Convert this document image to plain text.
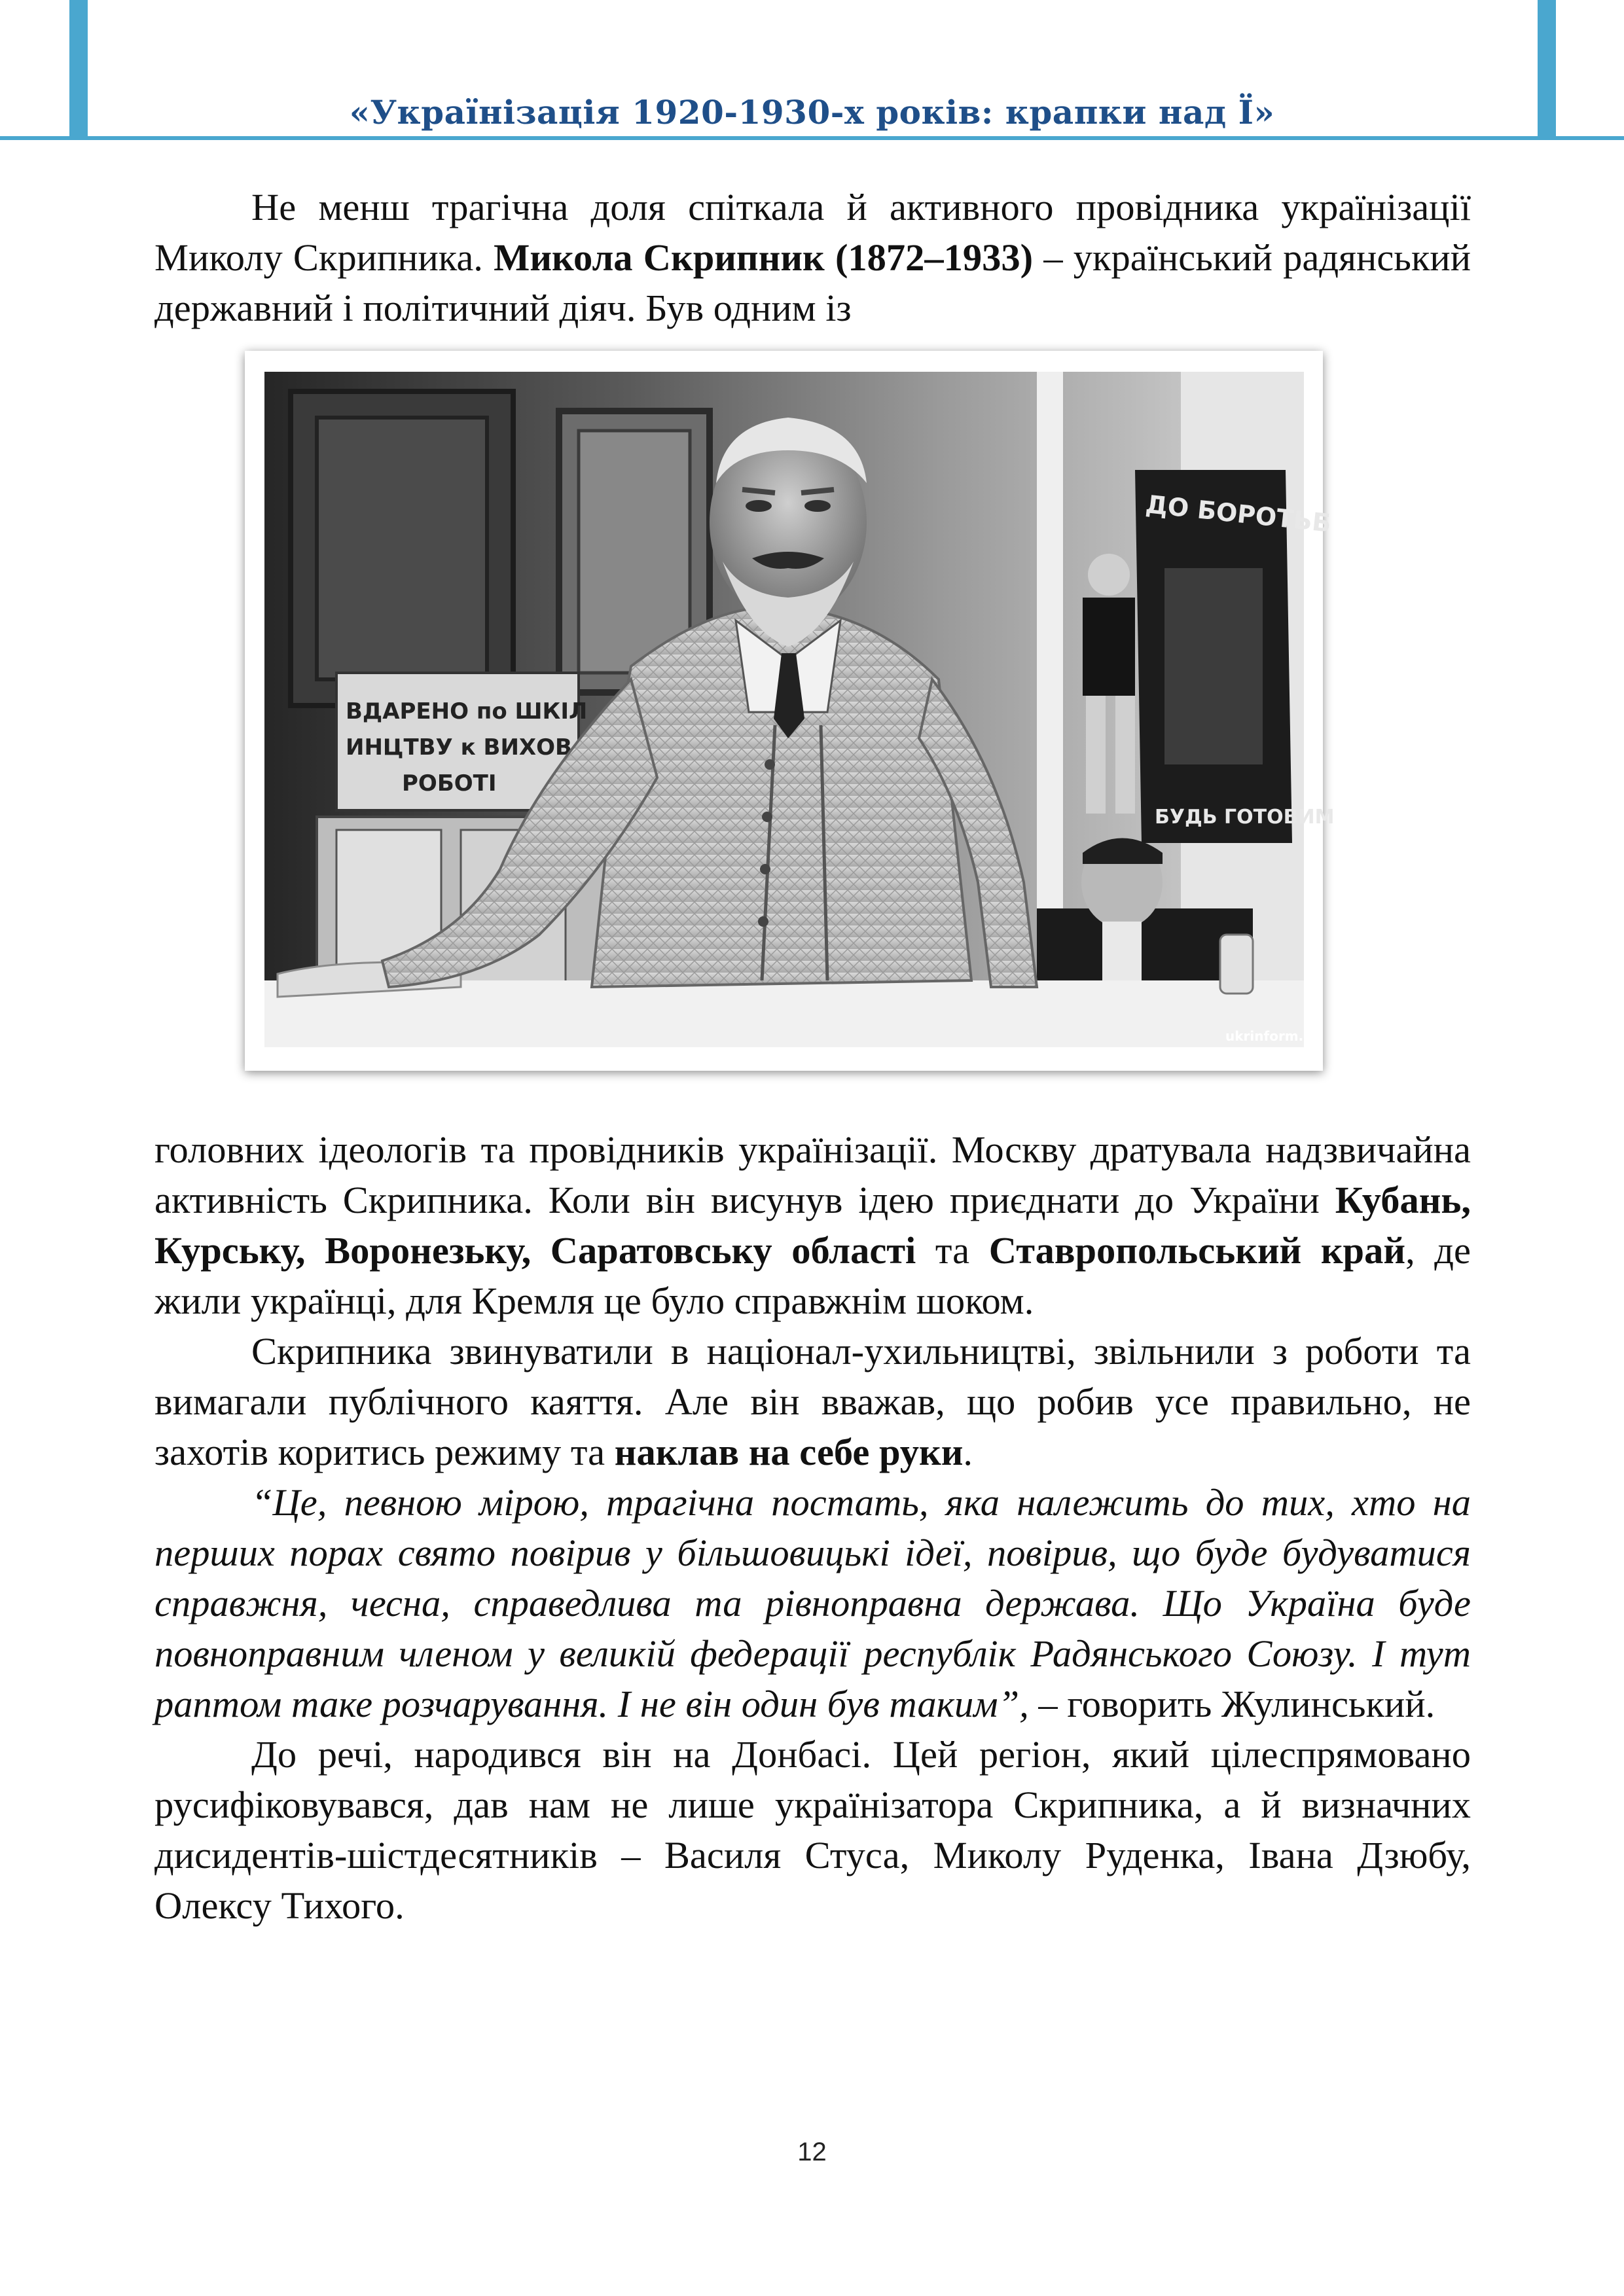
«Українізація 1920-1930-х років: крапки над Ї»

Не менш трагічна доля спіткала й активного провідника українізації Миколу Скрипника. Микола Скрипник (1872–1933) – український радянський державний і політичний діяч. Був одним із

ВДАРЕНО по ШКІЛ
ИНЦТВУ к ВИХОВ
РОБОТІ
ДО БОРОТЬБ
БУДЬ ГОТОВИМ
ukrinform.ua

головних ідеологів та провідників українізації. Москву дратувала надзвичайна активність Скрипника. Коли він висунув ідею приєднати до України Кубань, Курську, Воронезьку, Саратовську області та Ставропольський край, де жили українці, для Кремля це було справжнім шоком.

Скрипника звинуватили в націонал-ухильництві, звільнили з роботи та вимагали публічного каяття. Але він вважав, що робив усе правильно, не захотів коритись режиму та наклав на себе руки.

“Це, певною мірою, трагічна постать, яка належить до тих, хто на перших порах свято повірив у більшовицькі ідеї, повірив, що буде будуватися справжня, чесна, справедлива та рівноправна держава. Що Україна буде повноправним членом у великій федерації республік Радянського Союзу. І тут раптом таке розчарування. І не він один був таким”, – говорить Жулинський.

До речі, народився він на Донбасі. Цей регіон, який цілеспрямовано русифіковувався, дав нам не лише українізатора Скрипника, а й визначних дисидентів-шістдесятників – Василя Стуса, Миколу Руденка, Івана Дзюбу, Олексу Тихого.

12
